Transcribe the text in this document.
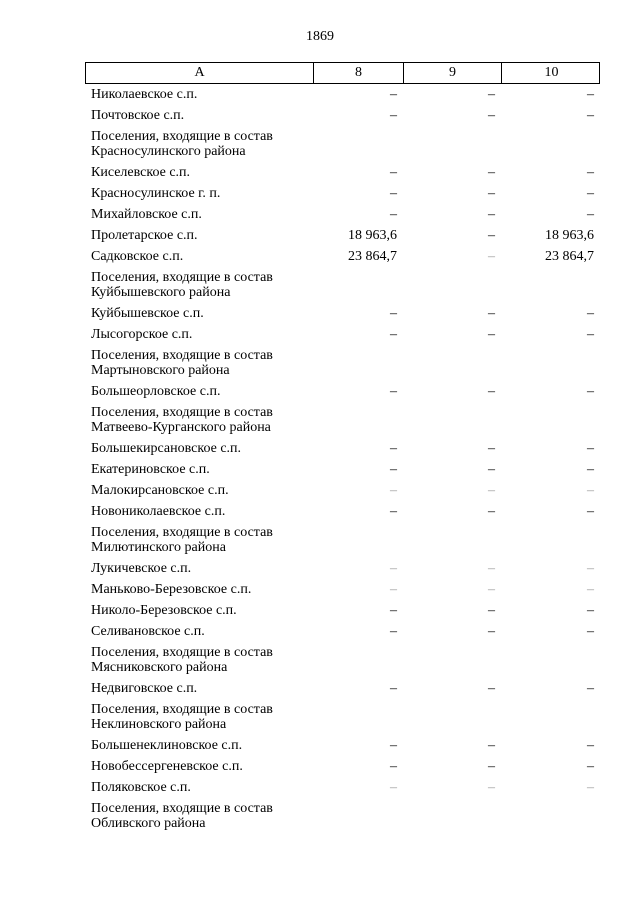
1869
А	8	9	10
Николаевское с.п.	–	–	–
Почтовское с.п.	–	–	–
Поселения, входящие в состав
Красносулинского района
Киселевское с.п.	–	–	–
Красносулинское г. п.	–	–	–
Михайловское с.п.	–	–	–
Пролетарское с.п.	18 963,6	–	18 963,6
Садковское с.п.	23 864,7	–	23 864,7
Поселения, входящие в состав
Куйбышевского района
Куйбышевское с.п.	–	–	–
Лысогорское с.п.	–	–	–
Поселения, входящие в состав
Мартыновского района
Большеорловское с.п.	–	–	–
Поселения, входящие в состав
Матвеево-Курганского района
Большекирсановское с.п.	–	–	–
Екатериновское с.п.	–	–	–
Малокирсановское с.п.	–	–	–
Новониколаевское с.п.	–	–	–
Поселения, входящие в состав
Милютинского района
Лукичевское с.п.	–	–	–
Маньково-Березовское с.п.	–	–	–
Николо-Березовское с.п.	–	–	–
Селивановское с.п.	–	–	–
Поселения, входящие в состав
Мясниковского района
Недвиговское с.п.	–	–	–
Поселения, входящие в состав
Неклиновского района
Большенеклиновское с.п.	–	–	–
Новобессергеневское с.п.	–	–	–
Поляковское с.п.	–	–	–
Поселения, входящие в состав
Обливского района
